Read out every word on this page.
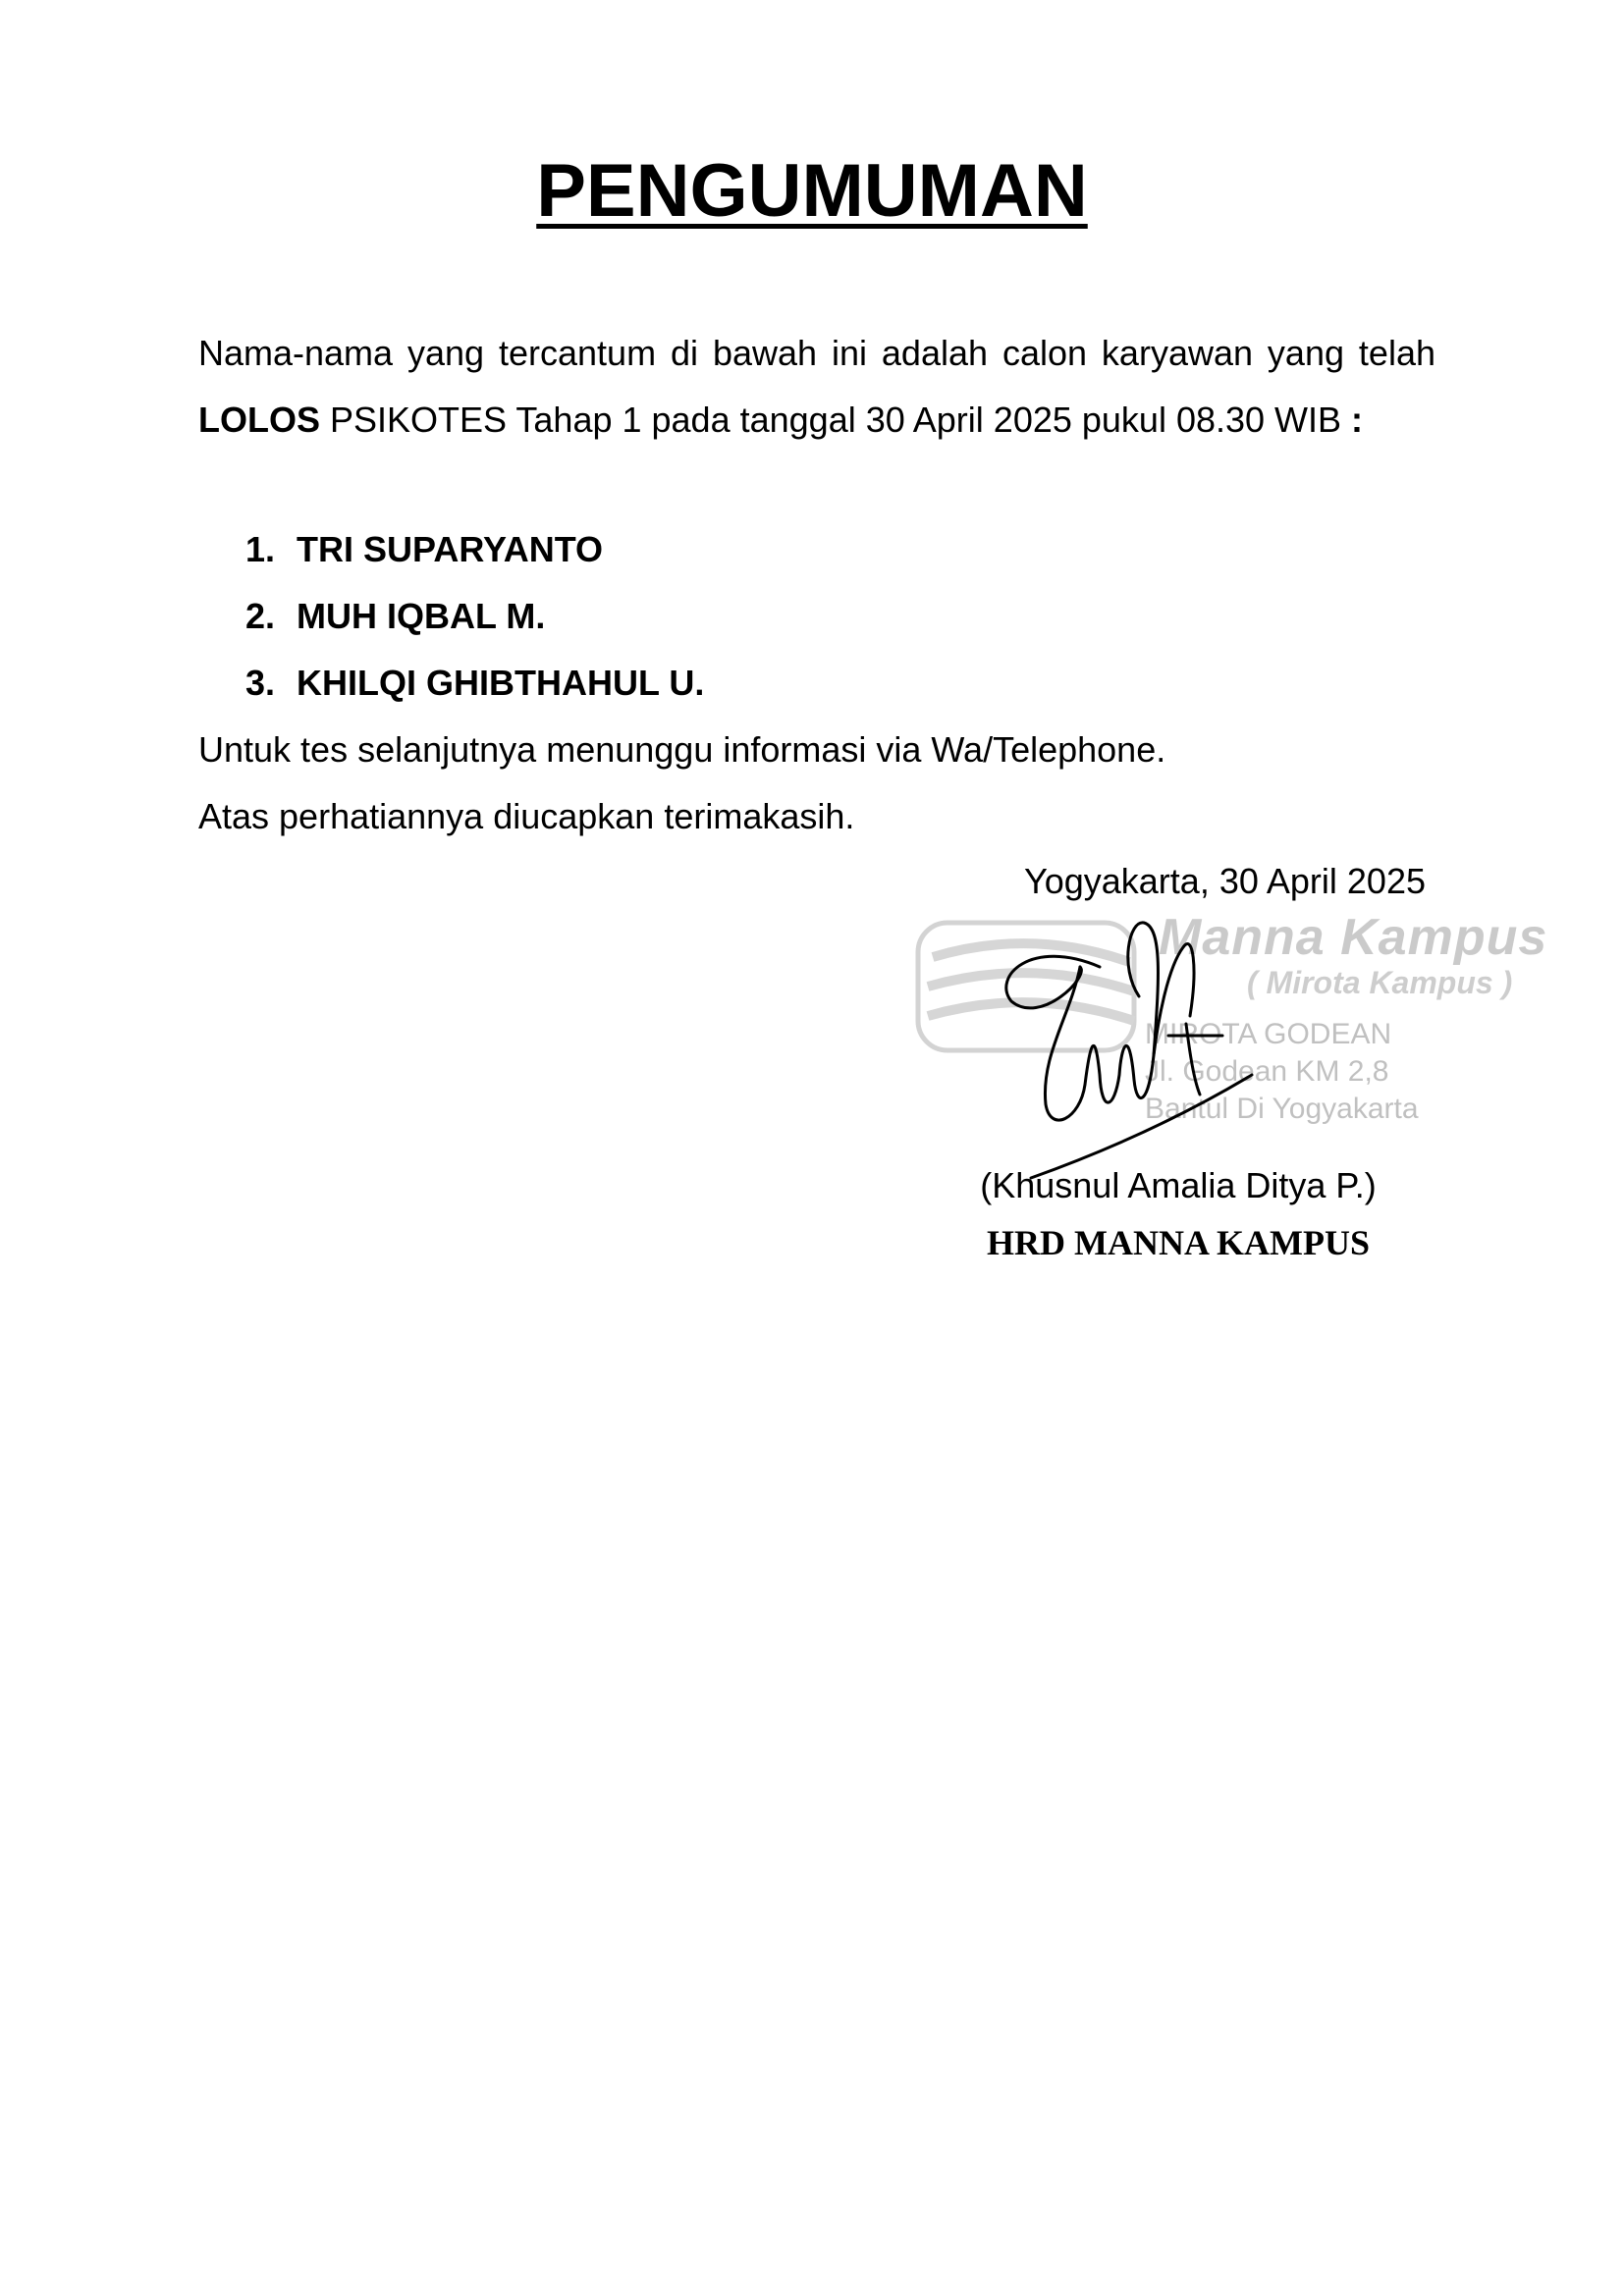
PENGUMUMAN

Nama-nama yang tercantum di bawah ini adalah calon karyawan yang telah LOLOS PSIKOTES Tahap 1 pada tanggal 30 April 2025 pukul 08.30 WIB :

1. TRI SUPARYANTO
2. MUH IQBAL M.
3. KHILQI GHIBTHAHUL U.

Untuk tes selanjutnya menunggu informasi via Wa/Telephone.

Atas perhatiannya diucapkan terimakasih.

Yogyakarta, 30 April 2025

Manna Kampus
( Mirota Kampus )
MIROTA GODEAN
Jl. Godean KM 2,8
Bantul Di Yogyakarta

(Khusnul Amalia Ditya P.)

HRD MANNA KAMPUS
